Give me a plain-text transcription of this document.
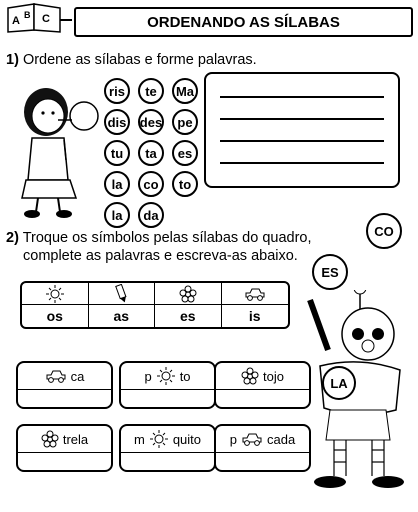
A B C	ORDENANDO AS SÍLABAS
1) Ordene as sílabas e forme palavras.
ris	te	Ma
dis des	pe
tu	ta	es
la	co	to
la	da
CO
2) Troque os símbolos pelas sílabas do quadro,
complete as palavras e escreva-as abaixo.
ES
os	as	es	is
ca	p to	tojo
trela	m quito p cada
LA
